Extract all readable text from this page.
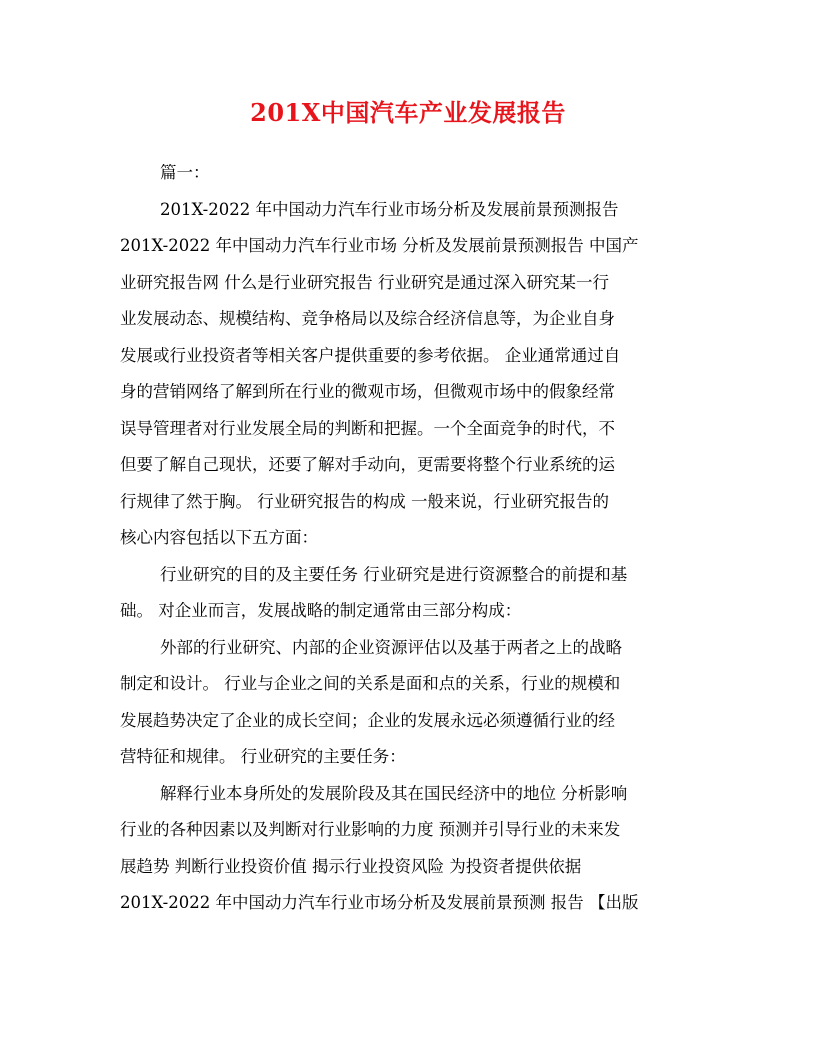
201X中国汽车产业发展报告
篇一：
201X-2022 年中国动力汽车行业市场分析及发展前景预测报告
201X-2022 年中国动力汽车行业市场 分析及发展前景预测报告 中国产
业研究报告网 什么是行业研究报告 行业研究是通过深入研究某一行
业发展动态、规模结构、竞争格局以及综合经济信息等，为企业自身
发展或行业投资者等相关客户提供重要的参考依据。 企业通常通过自
身的营销网络了解到所在行业的微观市场，但微观市场中的假象经常
误导管理者对行业发展全局的判断和把握。一个全面竞争的时代，不
但要了解自己现状，还要了解对手动向，更需要将整个行业系统的运
行规律了然于胸。 行业研究报告的构成 一般来说，行业研究报告的
核心内容包括以下五方面：
行业研究的目的及主要任务 行业研究是进行资源整合的前提和基
础。 对企业而言，发展战略的制定通常由三部分构成：
外部的行业研究、内部的企业资源评估以及基于两者之上的战略
制定和设计。 行业与企业之间的关系是面和点的关系，行业的规模和
发展趋势决定了企业的成长空间；企业的发展永远必须遵循行业的经
营特征和规律。 行业研究的主要任务：
解释行业本身所处的发展阶段及其在国民经济中的地位 分析影响
行业的各种因素以及判断对行业影响的力度 预测并引导行业的未来发
展趋势 判断行业投资价值 揭示行业投资风险 为投资者提供依据
201X-2022 年中国动力汽车行业市场分析及发展前景预测 报告 【出版
